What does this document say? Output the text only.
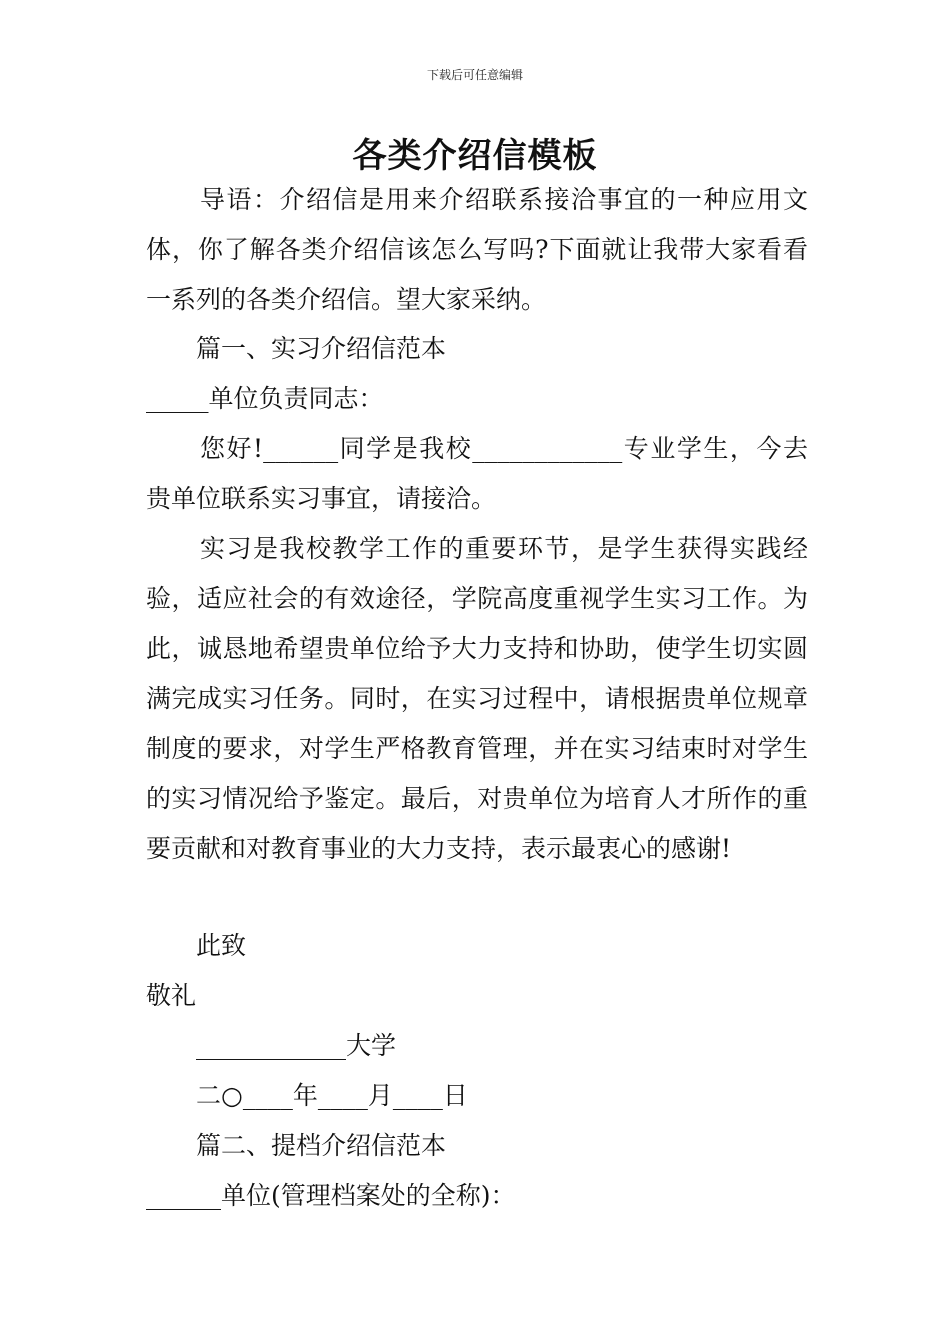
下载后可任意编辑
各类介绍信模板

导语：介绍信是用来介绍联系接洽事宜的一种应用文体，你了解各类介绍信该怎么写吗?下面就让我带大家看看一系列的各类介绍信。望大家采纳。

篇一、实习介绍信范本
_____单位负责同志：

您好!______同学是我校____________专业学生，今去贵单位联系实习事宜，请接洽。

实习是我校教学工作的重要环节，是学生获得实践经验，适应社会的有效途径，学院高度重视学生实习工作。为此，诚恳地希望贵单位给予大力支持和协助，使学生切实圆满完成实习任务。同时，在实习过程中，请根据贵单位规章制度的要求，对学生严格教育管理，并在实习结束时对学生的实习情况给予鉴定。最后，对贵单位为培育人才所作的重要贡献和对教育事业的大力支持，表示最衷心的感谢!

此致
敬礼
____________大学
二○____年____月____日
篇二、提档介绍信范本
______单位(管理档案处的全称)：
